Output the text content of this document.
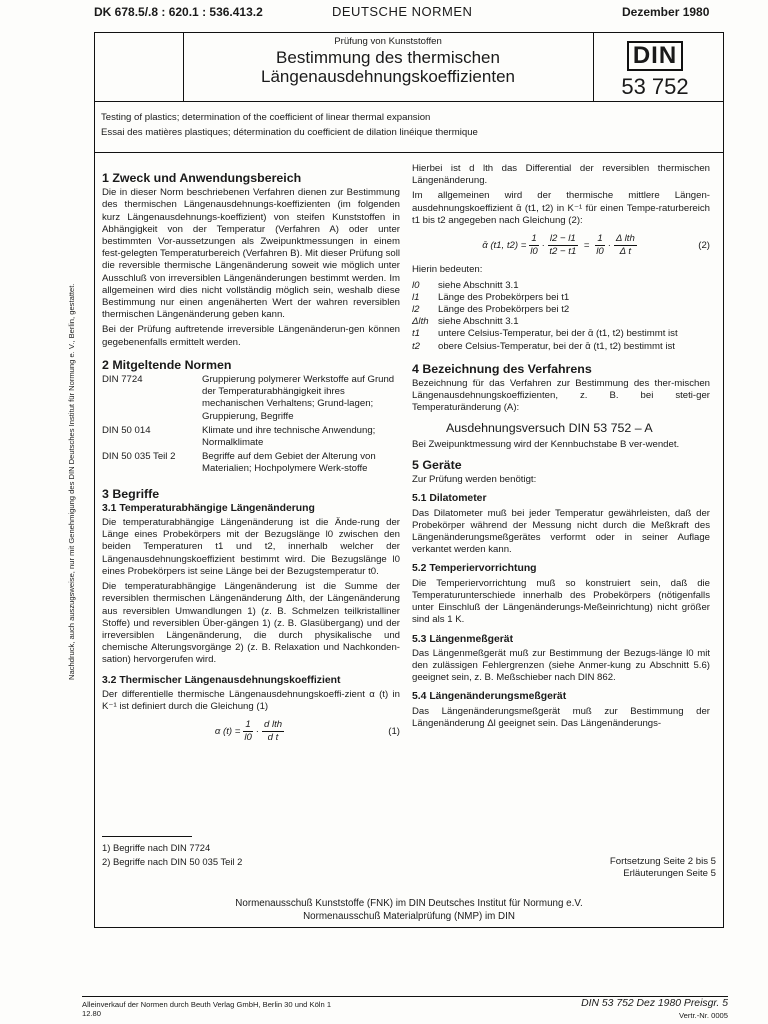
DK 678.5/.8 : 620.1 : 536.413.2	DEUTSCHE NORMEN	Dezember 1980
Prüfung von Kunststoffen
Bestimmung des thermischen
Längenausdehnungskoeffizienten
DIN
53 752
Testing of plastics; determination of the coefficient of linear thermal expansion
Essai des matières plastiques; détermination du coefficient de dilation linéique thermique
Nachdruck, auch auszugsweise, nur mit Genehmigung des DIN Deutsches Institut für Normung e. V., Berlin, gestattet.
1 Zweck und Anwendungsbereich

Die in dieser Norm beschriebenen Verfahren dienen zur Bestimmung des thermischen Längenausdehnungs-koeffizienten (im folgenden kurz Längenausdehnungs-koeffizient) von steifen Kunststoffen in Abhängigkeit von der Temperatur (Verfahren A) oder unter bestimmten Vor-aussetzungen als Zweipunktmessungen in einem fest-gelegten Temperaturbereich (Verfahren B). Mit dieser Prüfung soll die reversible thermische Längenänderung soweit wie möglich unter Ausschluß von irreversiblen Längenänderungen bestimmt werden. Im allgemeinen wird dies nicht vollständig möglich sein, weshalb diese Bestimmung nur einen angenäherten Wert der wahren reversiblen thermischen Längenänderung geben kann.

Bei der Prüfung auftretende irreversible Längenänderun-gen können gegebenenfalls ermittelt werden.

2 Mitgeltende Normen
DIN 7724	Gruppierung polymerer Werkstoffe auf Grund der Temperaturabhängigkeit ihres mechanischen Verhaltens; Grund-lagen; Gruppierung, Begriffe
DIN 50 014	Klimate und ihre technische Anwendung; Normalklimate
DIN 50 035 Teil 2	Begriffe auf dem Gebiet der Alterung von Materialien; Hochpolymere Werk-stoffe
3 Begriffe
3.1 Temperaturabhängige Längenänderung

Die temperaturabhängige Längenänderung ist die Ände-rung der Länge eines Probekörpers mit der Bezugslänge l0 zwischen den beiden Temperaturen t1 und t2, innerhalb welcher der Längenausdehnungskoeffizient bestimmt wird. Die Bezugslänge l0 eines Probekörpers ist seine Länge bei der Bezugstemperatur t0.

Die temperaturabhängige Längenänderung ist die Summe der reversiblen thermischen Längenänderung Δlth, der Längenänderung aus reversiblen Umwandlungen 1) (z. B. Schmelzen teilkristalliner Stoffe) und reversiblen Über-gängen 1) (z. B. Glasübergang) und der irreversiblen Längenänderung, die durch physikalische und chemische Alterungsvorgänge 2) (z. B. Relaxation und Nachkonden-sation) hervorgerufen wird.

3.2 Thermischer Längenausdehnungskoeffizient

Der differentielle thermische Längenausdehnungskoeffi-zient α (t) in K⁻¹ ist definiert durch die Gleichung (1)

α $(t) = \frac{1}{l0} \cdot \frac{\text{d lth}}{\text{d t}}$	(1)
1) Begriffe nach DIN 7724
2) Begriffe nach DIN 50 035 Teil 2

Hierbei ist d lth das Differential der reversiblen thermischen Längenänderung.

Im allgemeinen wird der thermische mittlere Längen-ausdehnungskoeffizient ᾱ (t1, t2) in K⁻¹ für einen Tempe-raturbereich t1 bis t2 angegeben nach Gleichung (2):

ᾱ (t1, $t2) = \frac{1}{l0} \cdot \frac{l2 - l1}{t2 - t1} = \frac{1}{l0} \cdot \frac{\text{Δ lth}}{\text{Δ t}}$	(2)

Hierin bedeuten:

l0	siehe Abschnitt 3.1
l1	Länge des Probekörpers bei t1
l2	Länge des Probekörpers bei t2
Δlth siehe Abschnitt 3.1
t1	untere Celsius-Temperatur, bei der ᾱ (t1, t2) bestimmt ist
t2	obere Celsius-Temperatur, bei der ᾱ (t1, t2) bestimmt ist
4 Bezeichnung des Verfahrens

Bezeichnung für das Verfahren zur Bestimmung des ther-mischen Längenausdehnungskoeffizienten, z. B. bei steti-ger Temperaturänderung (A):

Ausdehnungsversuch DIN 53 752 – A

Bei Zweipunktmessung wird der Kennbuchstabe B ver-wendet.

5 Geräte

Zur Prüfung werden benötigt:

5.1 Dilatometer

Das Dilatometer muß bei jeder Temperatur gewährleisten, daß der Probekörper während der Messung nicht durch die Meßkraft des Längenänderungsmeßgerätes verformt oder in seiner Auflage verkantet werden kann.

5.2 Temperiervorrichtung

Die Temperiervorrichtung muß so konstruiert sein, daß die Temperaturunterschiede innerhalb des Probekörpers (nötigenfalls unter Einschluß der Längenänderungs-Meßeinrichtung) nicht größer sind als 1 K.

5.3 Längenmeßgerät

Das Längenmeßgerät muß zur Bestimmung der Bezugs-länge l0 mit den zulässigen Fehlergrenzen (siehe Anmer-kung zu Abschnitt 5.6) geeignet sein, z. B. Meßschieber nach DIN 862.

5.4 Längenänderungsmeßgerät

Das Längenänderungsmeßgerät muß zur Bestimmung der Längenänderung Δl geeignet sein. Das Längenänderungs-

Fortsetzung Seite 2 bis 5
Erläuterungen Seite 5
Normenausschuß Kunststoffe (FNK) im DIN Deutsches Institut für Normung e.V.
Normenausschuß Materialprüfung (NMP) im DIN
Alleinverkauf der Normen durch Beuth Verlag GmbH, Berlin 30 und Köln 1
12.80
DIN 53 752 Dez 1980 Preisgr. 5
Vertr.-Nr. 0005
